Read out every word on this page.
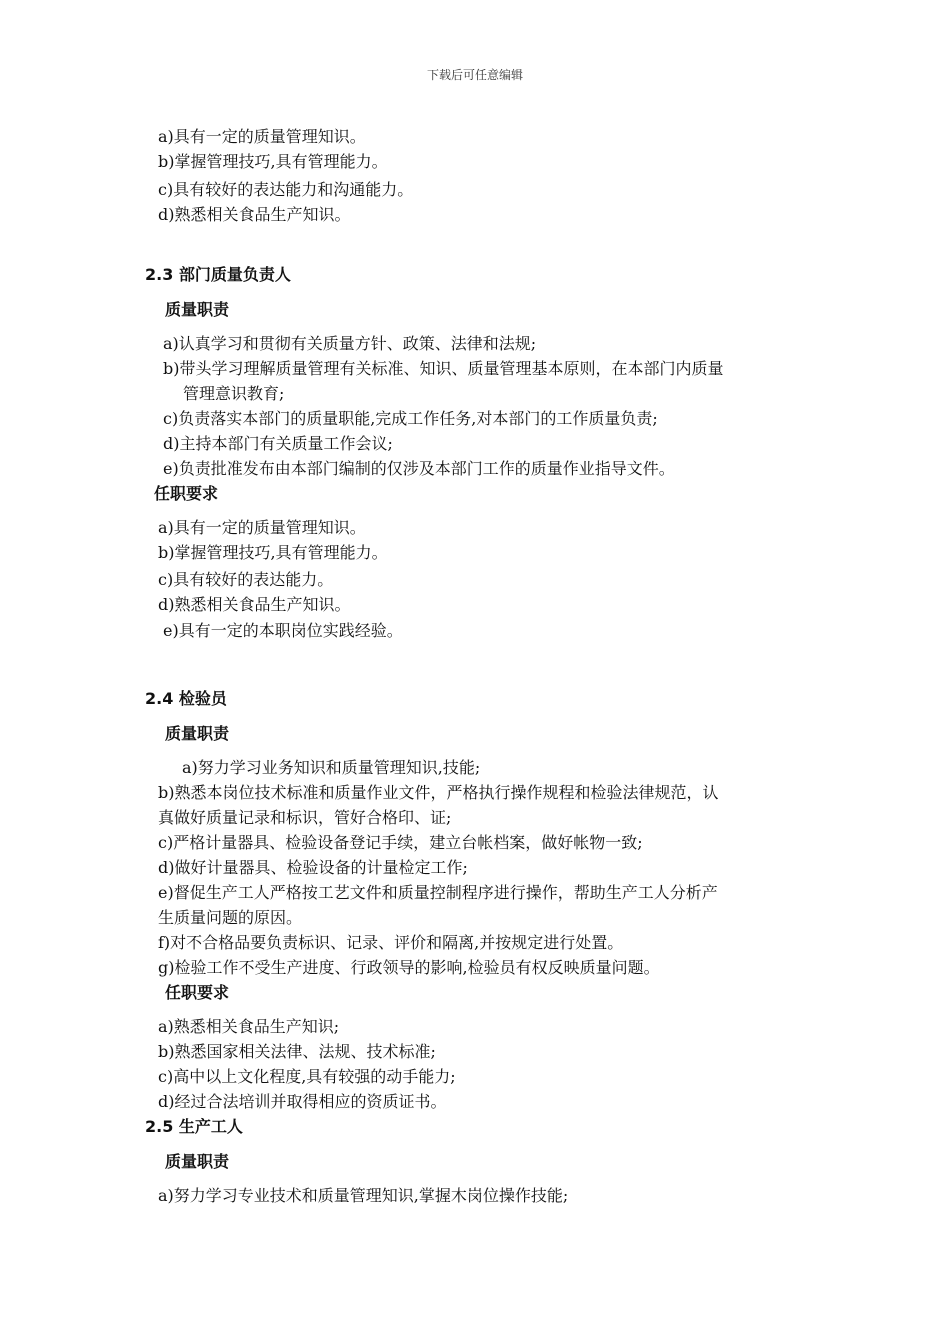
下载后可任意编辑
a)具有一定的质量管理知识。
b)掌握管理技巧,具有管理能力。
c)具有较好的表达能力和沟通能力。
d)熟悉相关食品生产知识。
2.3 部门质量负责人
质量职责
a)认真学习和贯彻有关质量方针、政策、法律和法规;
b)带头学习理解质量管理有关标准、知识、质量管理基本原则，在本部门内质量
管理意识教育;
c)负责落实本部门的质量职能,完成工作任务,对本部门的工作质量负责;
d)主持本部门有关质量工作会议;
e)负责批准发布由本部门编制的仅涉及本部门工作的质量作业指导文件。
任职要求
a)具有一定的质量管理知识。
b)掌握管理技巧,具有管理能力。
c)具有较好的表达能力。
d)熟悉相关食品生产知识。
e)具有一定的本职岗位实践经验。
2.4 检验员
质量职责
a)努力学习业务知识和质量管理知识,技能;
b)熟悉本岗位技术标准和质量作业文件，严格执行操作规程和检验法律规范，认
真做好质量记录和标识，管好合格印、证;
c)严格计量器具、检验设备登记手续，建立台帐档案，做好帐物一致;
d)做好计量器具、检验设备的计量检定工作;
e)督促生产工人严格按工艺文件和质量控制程序进行操作，帮助生产工人分析产
生质量问题的原因。
f)对不合格品要负责标识、记录、评价和隔离,并按规定进行处置。
g)检验工作不受生产进度、行政领导的影响,检验员有权反映质量问题。
任职要求
a)熟悉相关食品生产知识;
b)熟悉国家相关法律、法规、技术标准;
c)高中以上文化程度,具有较强的动手能力;
d)经过合法培训并取得相应的资质证书。
2.5 生产工人
质量职责
a)努力学习专业技术和质量管理知识,掌握木岗位操作技能;
